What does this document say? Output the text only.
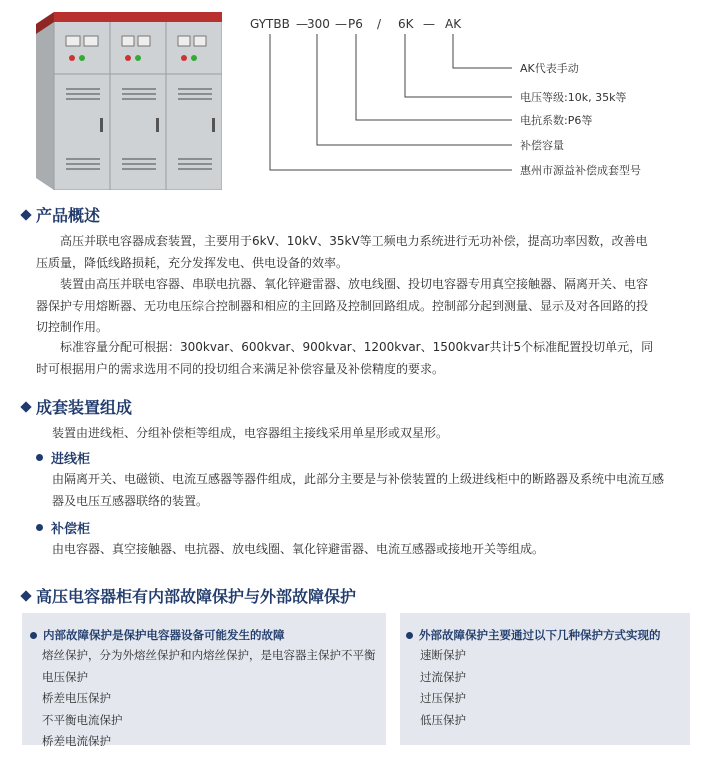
GYTBB — 300 — P6 / 6K — AK
AK代表手动
电压等级:10k, 35k等
电抗系数:P6等
补偿容量
惠州市源益补偿成套型号
产品概述

高压并联电容器成套装置，主要用于6kV、10kV、35kV等工频电力系统进行无功补偿，提高功率因数，改善电压质量，降低线路损耗，充分发挥发电、供电设备的效率。

装置由高压并联电容器、串联电抗器、氧化锌避雷器、放电线圈、投切电容器专用真空接触器、隔离开关、电容器保护专用熔断器、无功电压综合控制器和相应的主回路及控制回路组成。控制部分起到测量、显示及对各回路的投切控制作用。

标准容量分配可根据：300kvar、600kvar、900kvar、1200kvar、1500kvar共计5个标准配置投切单元，同时可根据用户的需求选用不同的投切组合来满足补偿容量及补偿精度的要求。

成套装置组成

装置由进线柜、分组补偿柜等组成，电容器组主接线采用单星形或双星形。

进线柜

由隔离开关、电磁锁、电流互感器等器件组成，此部分主要是与补偿装置的上级进线柜中的断路器及系统中电流互感器及电压互感器联络的装置。

补偿柜

由电容器、真空接触器、电抗器、放电线圈、氧化锌避雷器、电流互感器或接地开关等组成。

高压电容器柜有内部故障保护与外部故障保护
内部故障保护是保护电容器设备可能发生的故障
熔丝保护，分为外熔丝保护和内熔丝保护，是电容器主保护不平衡电压保护
桥差电压保护
不平衡电流保护
桥差电流保护
外部故障保护主要通过以下几种保护方式实现的
速断保护
过流保护
过压保护
低压保护
